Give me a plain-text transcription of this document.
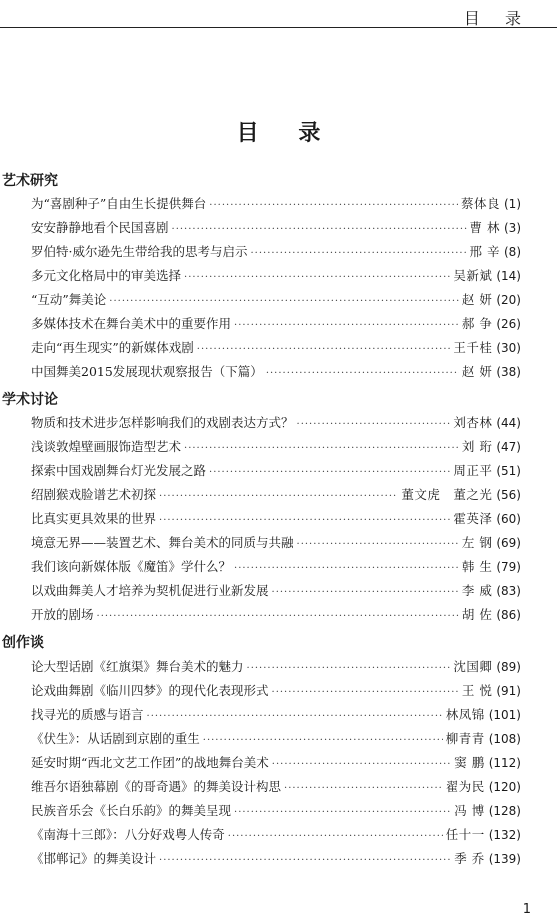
目 录
目 录
艺术研究
为“喜剧种子”自由生长提供舞台 ·····	蔡体良 (1)
安安静静地看个民国喜剧 ·····	曹 林 (3)
罗伯特·威尔逊先生带给我的思考与启示 ·····	邢 辛 (8)
多元文化格局中的审美选择 ·····	吴新斌 (14)
“互动”舞美论 ·····	赵 妍 (20)
多媒体技术在舞台美术中的重要作用 ·····	郝 争 (26)
走向“再生现实”的新媒体戏剧 ·····	王千桂 (30)
中国舞美2015发展现状观察报告（下篇） ·····	赵 妍 (38)
学术讨论
物质和技术进步怎样影响我们的戏剧表达方式？ ·····	刘杏林 (44)
浅谈敦煌壁画服饰造型艺术 ·····	刘 珩 (47)
探索中国戏剧舞台灯光发展之路 ·····	周正平 (51)
绍剧猴戏脸谱艺术初探 ·····	董文虎　董之光 (56)
比真实更具效果的世界 ·····	霍英泽 (60)
境意无界——装置艺术、舞台美术的同质与共融 ·····	左 钢 (69)
我们该向新媒体版《魔笛》学什么？ ·····	韩 生 (79)
以戏曲舞美人才培养为契机促进行业新发展 ·····	李 威 (83)
开放的剧场 ·····	胡 佐 (86)
创作谈
论大型话剧《红旗渠》舞台美术的魅力 ·····	沈国卿 (89)
论戏曲舞剧《临川四梦》的现代化表现形式 ·····	王 悦 (91)
找寻光的质感与语言 ·····	林凤锦 (101)
《伏生》：从话剧到京剧的重生 ·····	柳青青 (108)
延安时期“西北文艺工作团”的战地舞台美术 ·····	窦 鹏 (112)
维吾尔语独幕剧《的哥奇遇》的舞美设计构思 ·····	翟为民 (120)
民族音乐会《长白乐韵》的舞美呈现 ·····	冯 博 (128)
《南海十三郎》：八分好戏粤人传奇 ·····	任十一 (132)
《邯郸记》的舞美设计 ·····	季 乔 (139)
1
